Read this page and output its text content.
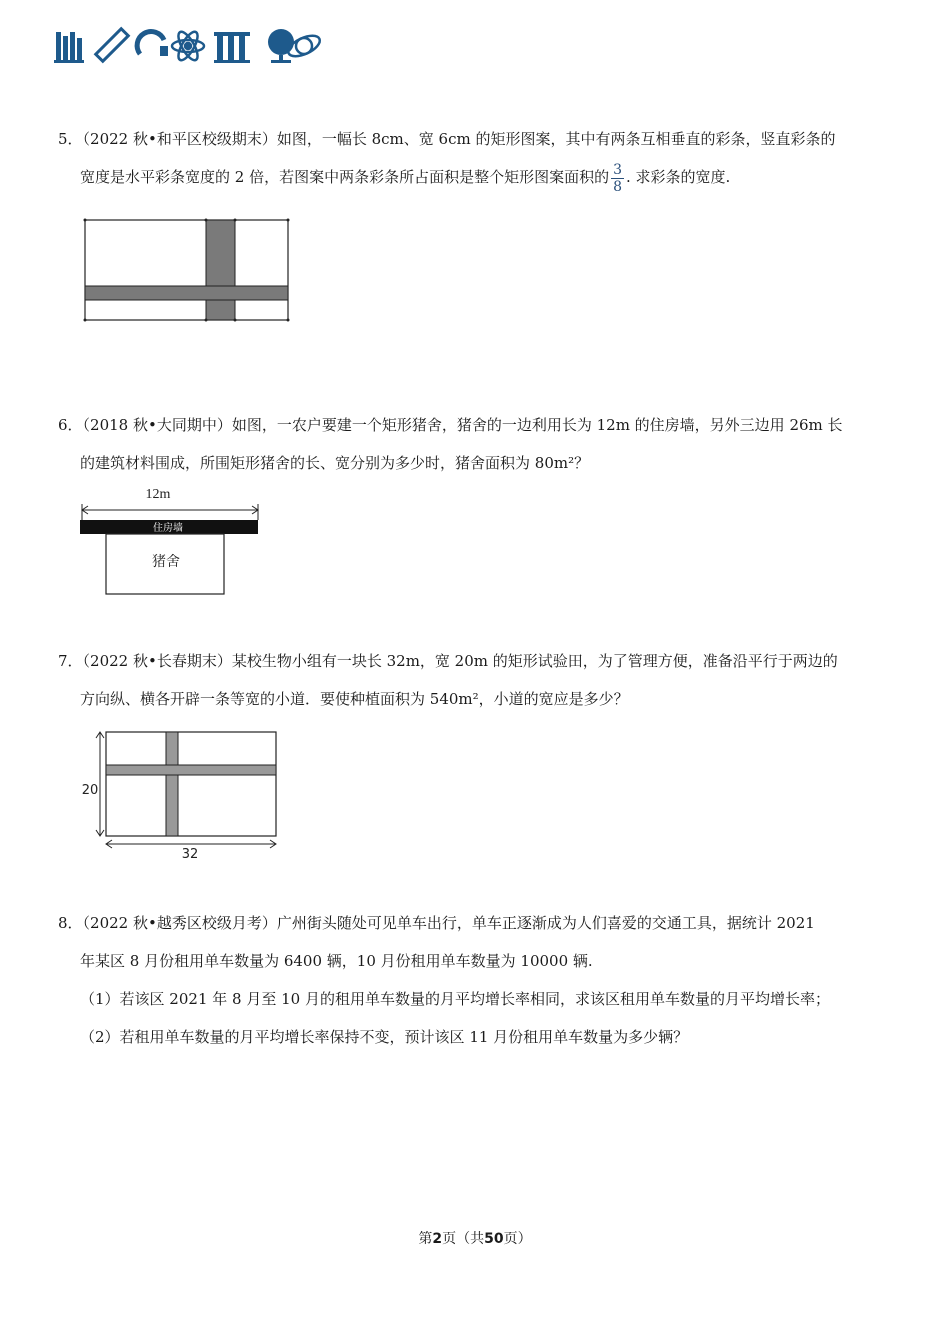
5．（2022 秋•和平区校级期末）如图，一幅长 8cm、宽 6cm 的矩形图案，其中有两条互相垂直的彩条，竖直彩条的

宽度是水平彩条宽度的 2 倍，若图案中两条彩条所占面积是整个矩形图案面积的 $\frac{3}{8}$ . 求彩条的宽度.

6．（2018 秋•大同期中）如图，一农户要建一个矩形猪舍，猪舍的一边利用长为 12m 的住房墙，另外三边用 26m 长

的建筑材料围成，所围矩形猪舍的长、宽分别为多少时，猪舍面积为 80m²？

12m
住房墙
猪舍

7．（2022 秋•长春期末）某校生物小组有一块长 32m，宽 20m 的矩形试验田，为了管理方便，准备沿平行于两边的

方向纵、横各开辟一条等宽的小道．要使种植面积为 540m²，小道的宽应是多少？

20
32

8．（2022 秋•越秀区校级月考）广州街头随处可见单车出行，单车正逐渐成为人们喜爱的交通工具，据统计 2021

年某区 8 月份租用单车数量为 6400 辆，10 月份租用单车数量为 10000 辆.

（1）若该区 2021 年 8 月至 10 月的租用单车数量的月平均增长率相同，求该区租用单车数量的月平均增长率；

（2）若租用单车数量的月平均增长率保持不变，预计该区 11 月份租用单车数量为多少辆？

第2页（共50页）
